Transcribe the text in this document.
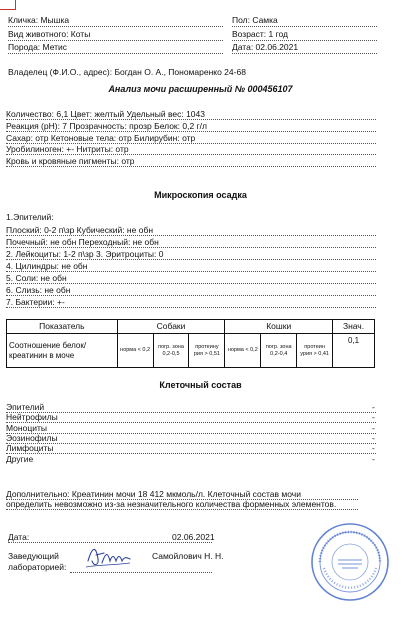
Кличка: Мышка	Пол: Самка
Вид животного: Коты	Возраст: 1 год
Порода: Метис	Дата: 02.06.2021
Владелец (Ф.И.О., адрес): Богдан О. А., Пономаренко 24-68
Анализ мочи расширенный № 000456107
Количество: 6,1 Цвет: желтый Удельный вес: 1043
Реакция (pH): 7 Прозрачность: прозр Белок: 0,2 г/л
Сахар: отр Кетоновые тела: отр Билирубин: отр
Уробилиноген: +- Нитриты: отр
Кровь и кровяные пигменты: отр
Микроскопия осадка
1.Эпителий:
Плоский: 0-2 п\зр Кубический: не обн
Почечный: не обн Переходный: не обн
2. Лейкоциты: 1-2 п\зр 3. Эритроциты: 0
4. Цилиндры: не обн
5. Соли: не обн
6. Слизь: не обн
7. Бактерии: +-
Показатель	Собаки			Кошки			Знач.
Соотношение белок/креатинин в моче	норма < 0,2	погр. зона 0,2-0,5	протеину рия > 0,51	норма < 0,2	погр. зона 0,2-0,4	протеин урия > 0,41	0,1
Клеточный состав
Эпителий	-
Нейтрофилы	-
Моноциты	-
Эозинофилы	-
Лимфоциты	-
Другие	-
Дополнительно: Креатинин мочи 18 412 мкмоль/л. Клеточный состав мочи
определить невозможно из-за незначительного количества форменных элементов.
Дата:	02.06.2021
Заведующий
лабораторией:
Самойлович Н. Н.
